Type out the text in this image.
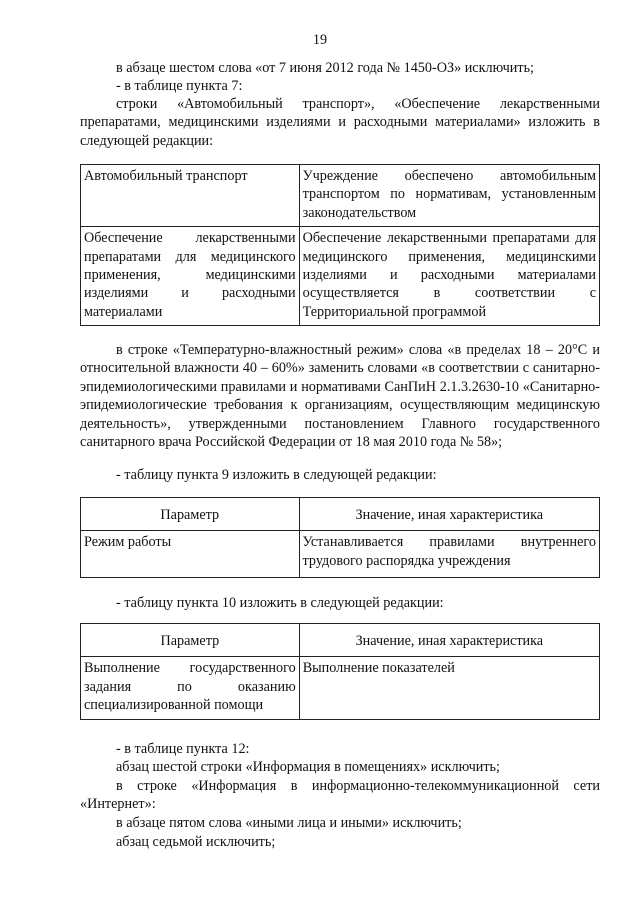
19

в абзаце шестом слова «от 7 июня 2012 года № 1450-ОЗ» исключить;

- в таблице пункта 7:

строки «Автомобильный транспорт», «Обеспечение лекарственными препаратами, медицинскими изделиями и расходными материалами» изложить в следующей редакции:

Автомобильный транспорт	Учреждение обеспечено автомобильным транспортом по нормативам, установленным законодательством
Обеспечение лекарственными препаратами для медицинского применения, медицинскими изделиями и расходными материалами	Обеспечение лекарственными препаратами для медицинского применения, медицинскими изделиями и расходными материалами осуществляется в соответствии с Территориальной программой

в строке «Температурно-влажностный режим» слова «в пределах 18 – 20°С и относительной влажности 40 – 60%» заменить словами «в соответствии с санитарно-эпидемиологическими правилами и нормативами СанПиН 2.1.3.2630-10 «Санитарно-эпидемиологические требования к организациям, осуществляющим медицинскую деятельность», утвержденными постановлением Главного государственного санитарного врача Российской Федерации от 18 мая 2010 года № 58»;

- таблицу пункта 9 изложить в следующей редакции:

Параметр	Значение, иная характеристика
Режим работы	Устанавливается правилами внутреннего трудового распорядка учреждения

- таблицу пункта 10 изложить в следующей редакции:

Параметр	Значение, иная характеристика
Выполнение государственного задания по оказанию специализированной помощи	Выполнение показателей

- в таблице пункта 12:

абзац шестой строки «Информация в помещениях» исключить;

в строке «Информация в информационно-телекоммуникационной сети «Интернет»:

в абзаце пятом слова «иными лица и иными» исключить;

абзац седьмой исключить;
